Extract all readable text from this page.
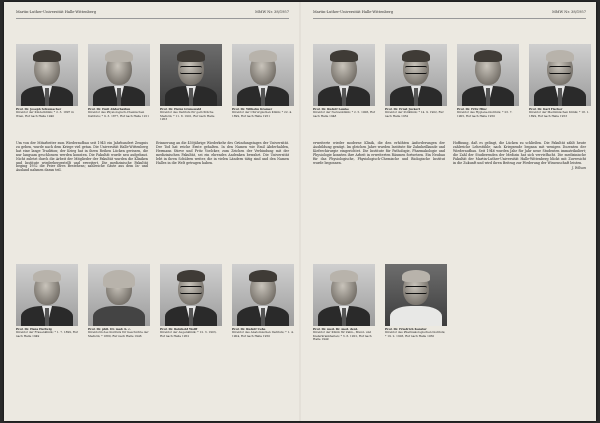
Martin-Luther-Universität Halle-Wittenberg	MMW Nr. 38/1957
Prof. Dr. Joseph Schumacher
Direktor der Kinderklinik; * 2. 3. 1897 in Wien, Ruf nach Halle 1940
Prof. Dr. Emil Abderhalden
Direktor des Physiologisch-Chemischen Instituts; * 9. 3. 1877, Ruf nach Halle 1911
Prof. Dr. Heinz Grunewald
Direktor des Instituts für gerichtliche Medizin; * 11. 8. 1901, Ruf nach Halle 1953
Prof. Dr. Wilhelm Kramer
Direktor der Chirurgischen Klinik; * 22. 4. 1899, Ruf nach Halle 1951

Um von der Mitarbeiter zum Wiederaufbau seit 1945 ein Jahrhundert Zeugnis zu geben, wurde nach dem Kriege viel getan. Die Universität Halle-Wittenberg hat eine lange Tradition; der Krieg hat in ihren Reihen Lücken gerissen, die nur langsam geschlossen werden konnten. Die Fakultät wurde neu aufgebaut. Nicht zuletzt durch die Arbeit der Mitglieder der Fakultät wurden die Kliniken und Institute wiederhergestellt und erweitert. Die medizinische Fakultät beging 1952 die Feier ihres Bestehens; zahlreiche Gäste aus dem In- und Ausland nahmen daran teil.

Erinnerung an die 450jährige Wiederkehr des Gründungstages der Universität. Der Tod hat reiche Ernte gehalten. In den Namen wie Emil Abderhalden, Hermann Stieve und Fritz Voelcker, zum Zeichen der Verbindung mit der medizinischen Fakultät, sei ein ehrendes Andenken bewahrt. Die Universität lebt in ihren Schülern weiter, die in vielen Ländern tätig sind und den Namen Halles in die Welt getragen haben.

Prof. Dr. Hans Hertwig
Direktor der Frauenklinik; * 1. 7. 1899, Ruf nach Halle 1949
Prof. Dr. phil. Dr. med. h. c.
Direktorin des Instituts für Geschichte der Medizin; * 1880, Ruf nach Halle 1946
Prof. Dr. Reinhold Wolff
Direktor der Augenklinik; * 12. 3. 1903, Ruf nach Halle 1952
Prof. Dr. Rudolf Uebe
Direktor des Anatomischen Instituts; * 1. 4. 1904, Ruf nach Halle 1950
Martin-Luther-Universität Halle-Wittenberg	MMW Nr. 38/1957
Prof. Dr. Rudolf Lemke
Direktor der Nervenklinik; * 2. 5. 1906, Ruf nach Halle 1948
Prof. Dr. Ernst Juckert
Direktor der Poliklinik; * 14. 9. 1902, Ruf nach Halle 1952
Prof. Dr. Fritz Hinz
Direktor des Hygiene-Instituts; * 23. 7. 1905, Ruf nach Halle 1950
Prof. Dr. Karl Fischer
Direktor der Medizinischen Klinik; * 18. 1. 1899, Ruf nach Halle 1953

erweiterte wieder moderne Klinik, die den erhöhten Anforderungen der Ausbildung genügt. Im gleichen Jahre wurden Institute für Zahnheilkunde und Kieferchirurgie eingerichtet. Die Institute für Pathologie, Pharmakologie und Physiologie konnten ihre Arbeit in erweiterten Räumen fortsetzen. Ein Neubau für das Physiologische, Physiologisch-Chemische und Biologische Institut wurde begonnen.

Hoffnung, daß es gelingt, die Lücken zu schließen. Die Fakultät zählt heute zahlreiche Lehrstühle; nach Kriegsende begann mit wenigen Dozenten der Wiederaufbau. Seit 1946 wurden Jahr für Jahr neue Studenten immatrikuliert; die Zahl der Studierenden der Medizin hat sich vervielfacht. Die medizinische Fakultät der Martin-Luther-Universität Halle-Wittenberg blickt mit Zuversicht in die Zukunft und wird ihren Beitrag zur Förderung der Wissenschaft leisten.

J. Wilson

Prof. Dr. med. Dr. med. dent.
Direktor der Klinik für Zahn-, Mund- und Kieferkrankheiten; * 3. 6. 1901, Ruf nach Halle 1949
Prof. Dr. Friedrich Kanzler
Direktor des Pharmakologischen Instituts; * 19. 2. 1903, Ruf nach Halle 1950
